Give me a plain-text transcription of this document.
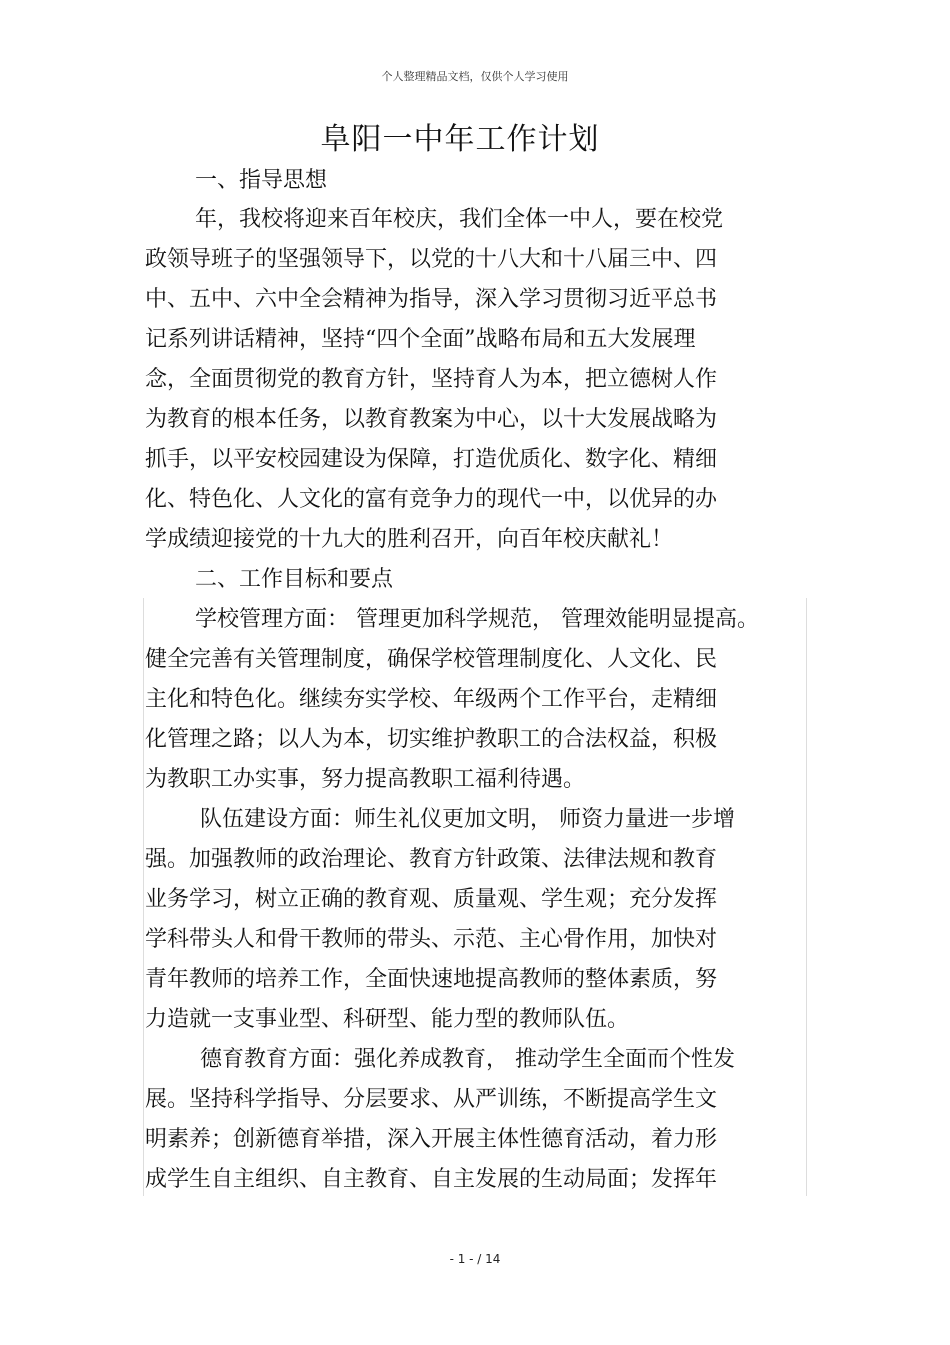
个人整理精品文档，仅供个人学习使用

阜阳一中年工作计划

一、指导思想

年，我校将迎来百年校庆，我们全体一中人，要在校党

政领导班子的坚强领导下，以党的十八大和十八届三中、四

中、五中、六中全会精神为指导，深入学习贯彻习近平总书

记系列讲话精神，坚持“四个全面”战略布局和五大发展理

念，全面贯彻党的教育方针，坚持育人为本，把立德树人作

为教育的根本任务，以教育教案为中心，以十大发展战略为

抓手，以平安校园建设为保障，打造优质化、数字化、精细

化、特色化、人文化的富有竞争力的现代一中，以优异的办

学成绩迎接党的十九大的胜利召开，向百年校庆献礼！

二、工作目标和要点

学校管理方面： 管理更加科学规范， 管理效能明显提高。

健全完善有关管理制度，确保学校管理制度化、人文化、民

主化和特色化。继续夯实学校、年级两个工作平台，走精细

化管理之路；以人为本，切实维护教职工的合法权益，积极

为教职工办实事，努力提高教职工福利待遇。

队伍建设方面：师生礼仪更加文明， 师资力量进一步增

强。加强教师的政治理论、教育方针政策、法律法规和教育

业务学习，树立正确的教育观、质量观、学生观；充分发挥

学科带头人和骨干教师的带头、示范、主心骨作用，加快对

青年教师的培养工作，全面快速地提高教师的整体素质，努

力造就一支事业型、科研型、能力型的教师队伍。

德育教育方面：强化养成教育， 推动学生全面而个性发

展。坚持科学指导、分层要求、从严训练，不断提高学生文

明素养；创新德育举措，深入开展主体性德育活动，着力形

成学生自主组织、自主教育、自主发展的生动局面；发挥年

- 1 - / 14
